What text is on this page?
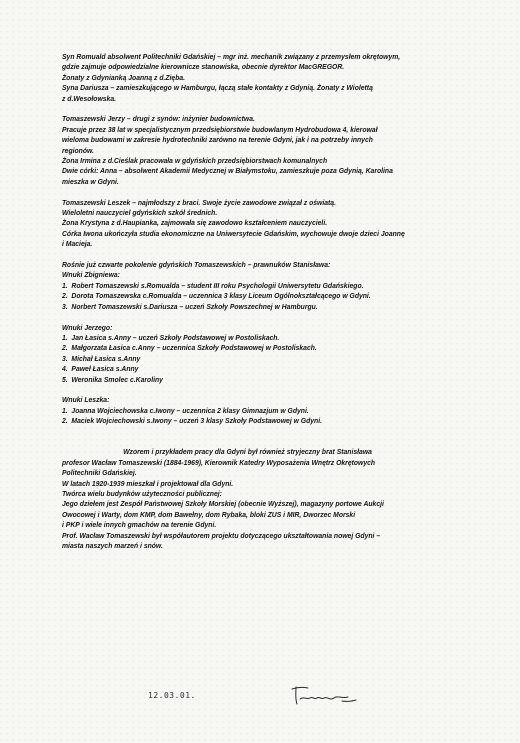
Syn Romuald absolwent Politechniki Gdańskiej – mgr inż. mechanik związany z przemysłem okrętowym,

gdzie zajmuje odpowiedzialne kierownicze stanowiska, obecnie dyrektor MacGREGOR.

Żonaty z Gdynianką Joanną z d.Zięba.

Syna Dariusza – zamieszkującego w Hamburgu, łączą stałe kontakty z Gdynią. Żonaty z Wiolettą

z d.Wesołowska.

Tomaszewski Jerzy – drugi z synów: inżynier budownictwa.

Pracuje przez 38 lat w specjalistycznym przedsiębiorstwie budowlanym Hydrobudowa 4, kierował

wieloma budowami w zakresie hydrotechniki zarówno na terenie Gdyni, jak i na potrzeby innych

regionów.

Żona Irmina z d.Cieślak pracowała w gdyńskich przedsiębiorstwach komunalnych

Dwie córki: Anna – absolwent Akademii Medycznej w Białymstoku, zamieszkuje poza Gdynią, Karolina

mieszka w Gdyni.

Tomaszewski Leszek – najmłodszy z braci. Swoje życie zawodowe związał z oświatą.

Wieloletni nauczyciel gdyńskich szkół średnich.

Żona Krystyna z d.Haupianka, zajmowała się zawodowo kształceniem nauczycieli.

Córka Iwona ukończyła studia ekonomiczne na Uniwersytecie Gdańskim, wychowuje dwoje dzieci Joannę

i Macieja.

Rośnie już czwarte pokolenie gdyńskich Tomaszewskich – prawnuków Stanisława:

Wnuki Zbigniewa:

1. Robert Tomaszewski s.Romualda – student III roku Psychologii Uniwersytetu Gdańskiego.
2. Dorota Tomaszewska c.Romualda – uczennica 3 klasy Liceum Ogólnokształcącego w Gdyni.
3. Norbert Tomaszewski s.Dariusza – uczeń Szkoły Powszechnej w Hamburgu.

Wnuki Jerzego:

1. Jan Łasica s.Anny – uczeń Szkoły Podstawowej w Postoliskach.
2. Małgorzata Łasica c.Anny – uczennica Szkoły Podstawowej w Postoliskach.
3. Michał Łasica s.Anny
4. Paweł Łasica s.Anny
5. Weronika Smolec c.Karoliny

Wnuki Leszka:

1. Joanna Wojciechowska c.Iwony – uczennica 2 klasy Gimnazjum w Gdyni.
2. Maciek Wojciechowski s.Iwony – uczeń 3 klasy Szkoły Podstawowej w Gdyni.

Wzorem i przykładem pracy dla Gdyni był również stryjeczny brat Stanisława

profesor Wacław Tomaszewski (1884-1969), Kierownik Katedry Wyposażenia Wnętrz Okrętowych

Politechniki Gdańskiej.

W latach 1920-1939 mieszkał i projektował dla Gdyni.

Twórca wielu budynków użyteczności publicznej:

Jego dziełem jest Zespół Państwowej Szkoły Morskiej (obecnie Wyższej), magazyny portowe Aukcji

Owocowej i Warty, dom KMP, dom Bawełny, dom Rybaka, bloki ZUS i MIR, Dworzec Morski

i PKP i wiele innych gmachów na terenie Gdyni.

Prof. Wacław Tomaszewski był współautorem projektu dotyczącego ukształtowania nowej Gdyni –

miasta naszych marzeń i snów.

12.03.01.
